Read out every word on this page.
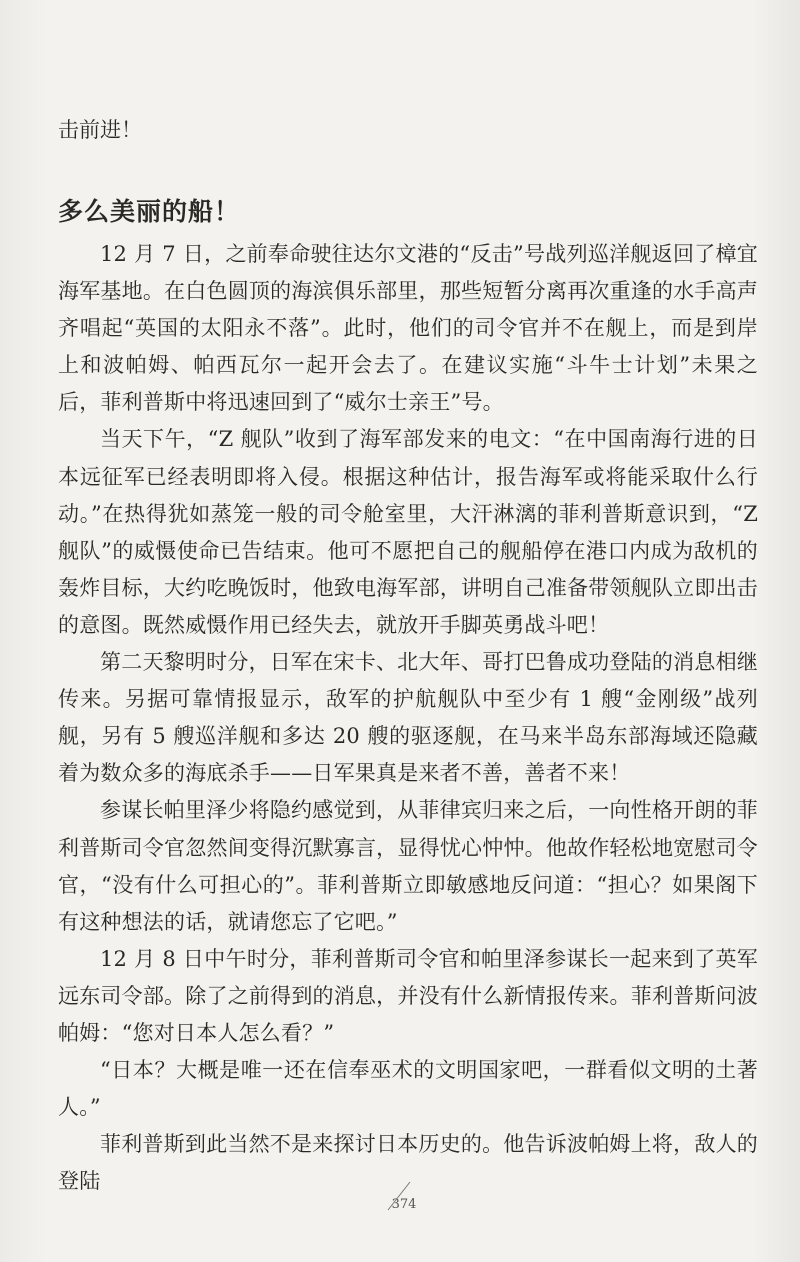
击前进！

多么美丽的船！

12 月 7 日，之前奉命驶往达尔文港的“反击”号战列巡洋舰返回了樟宜海军基地。在白色圆顶的海滨俱乐部里，那些短暂分离再次重逢的水手高声齐唱起“英国的太阳永不落”。此时，他们的司令官并不在舰上，而是到岸上和波帕姆、帕西瓦尔一起开会去了。在建议实施“斗牛士计划”未果之后，菲利普斯中将迅速回到了“威尔士亲王”号。

当天下午，“Z 舰队”收到了海军部发来的电文：“在中国南海行进的日本远征军已经表明即将入侵。根据这种估计，报告海军或将能采取什么行动。”在热得犹如蒸笼一般的司令舱室里，大汗淋漓的菲利普斯意识到，“Z 舰队”的威慑使命已告结束。他可不愿把自己的舰船停在港口内成为敌机的轰炸目标，大约吃晚饭时，他致电海军部，讲明自己准备带领舰队立即出击的意图。既然威慑作用已经失去，就放开手脚英勇战斗吧！

第二天黎明时分，日军在宋卡、北大年、哥打巴鲁成功登陆的消息相继传来。另据可靠情报显示，敌军的护航舰队中至少有 1 艘“金刚级”战列舰，另有 5 艘巡洋舰和多达 20 艘的驱逐舰，在马来半岛东部海域还隐藏着为数众多的海底杀手——日军果真是来者不善，善者不来！

参谋长帕里泽少将隐约感觉到，从菲律宾归来之后，一向性格开朗的菲利普斯司令官忽然间变得沉默寡言，显得忧心忡忡。他故作轻松地宽慰司令官，“没有什么可担心的”。菲利普斯立即敏感地反问道：“担心？如果阁下有这种想法的话，就请您忘了它吧。”

12 月 8 日中午时分，菲利普斯司令官和帕里泽参谋长一起来到了英军远东司令部。除了之前得到的消息，并没有什么新情报传来。菲利普斯问波帕姆：“您对日本人怎么看？”

“日本？大概是唯一还在信奉巫术的文明国家吧，一群看似文明的土著人。”

菲利普斯到此当然不是来探讨日本历史的。他告诉波帕姆上将，敌人的登陆

374
